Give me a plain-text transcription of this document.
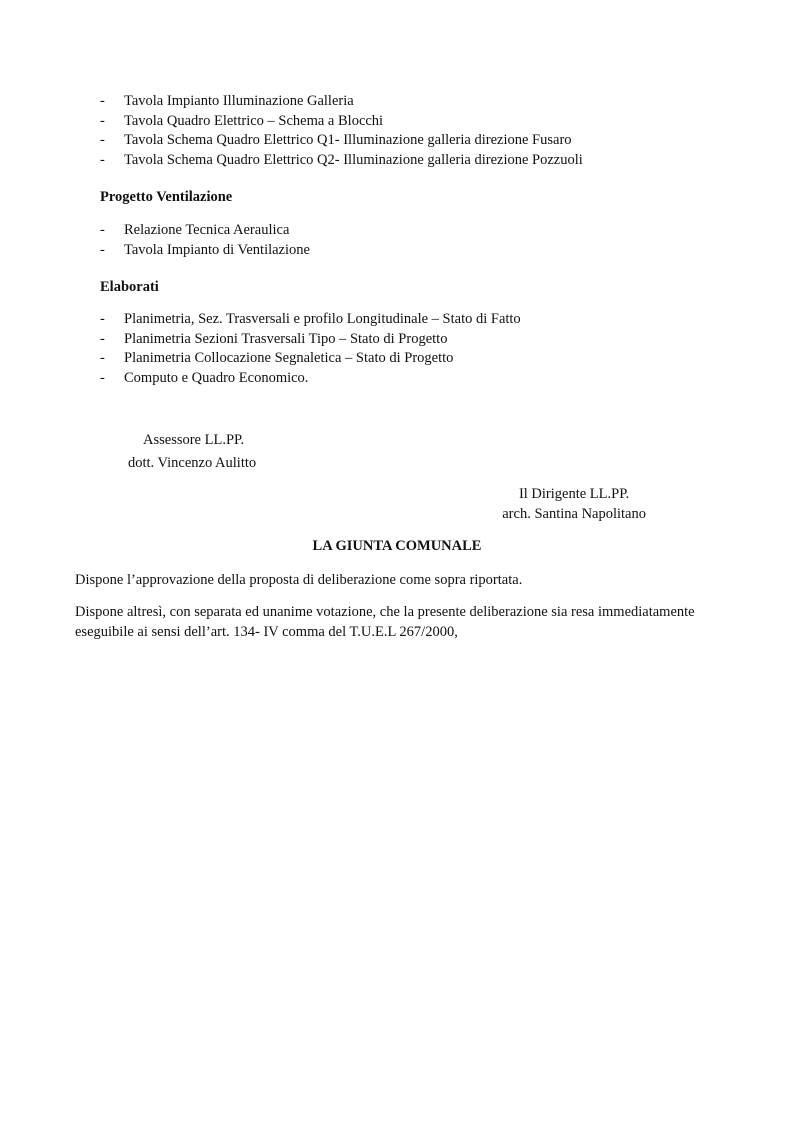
- Tavola Impianto Illuminazione Galleria
- Tavola Quadro Elettrico – Schema a Blocchi
- Tavola Schema Quadro Elettrico Q1- Illuminazione galleria direzione Fusaro
- Tavola Schema Quadro Elettrico Q2- Illuminazione galleria direzione Pozzuoli
Progetto Ventilazione
- Relazione Tecnica Aeraulica
- Tavola Impianto di Ventilazione
Elaborati
- Planimetria, Sez. Trasversali e profilo Longitudinale – Stato di Fatto
- Planimetria Sezioni Trasversali Tipo – Stato di Progetto
- Planimetria Collocazione Segnaletica – Stato di Progetto
- Computo e Quadro Economico.
Assessore LL.PP.
dott. Vincenzo Aulitto
Il Dirigente LL.PP.
arch. Santina Napolitano
LA GIUNTA COMUNALE

Dispone l’approvazione della proposta di deliberazione come sopra riportata.

Dispone altresì, con separata ed unanime votazione, che la presente deliberazione sia resa immediatamente eseguibile ai sensi dell’art. 134- IV comma del T.U.E.L 267/2000,
